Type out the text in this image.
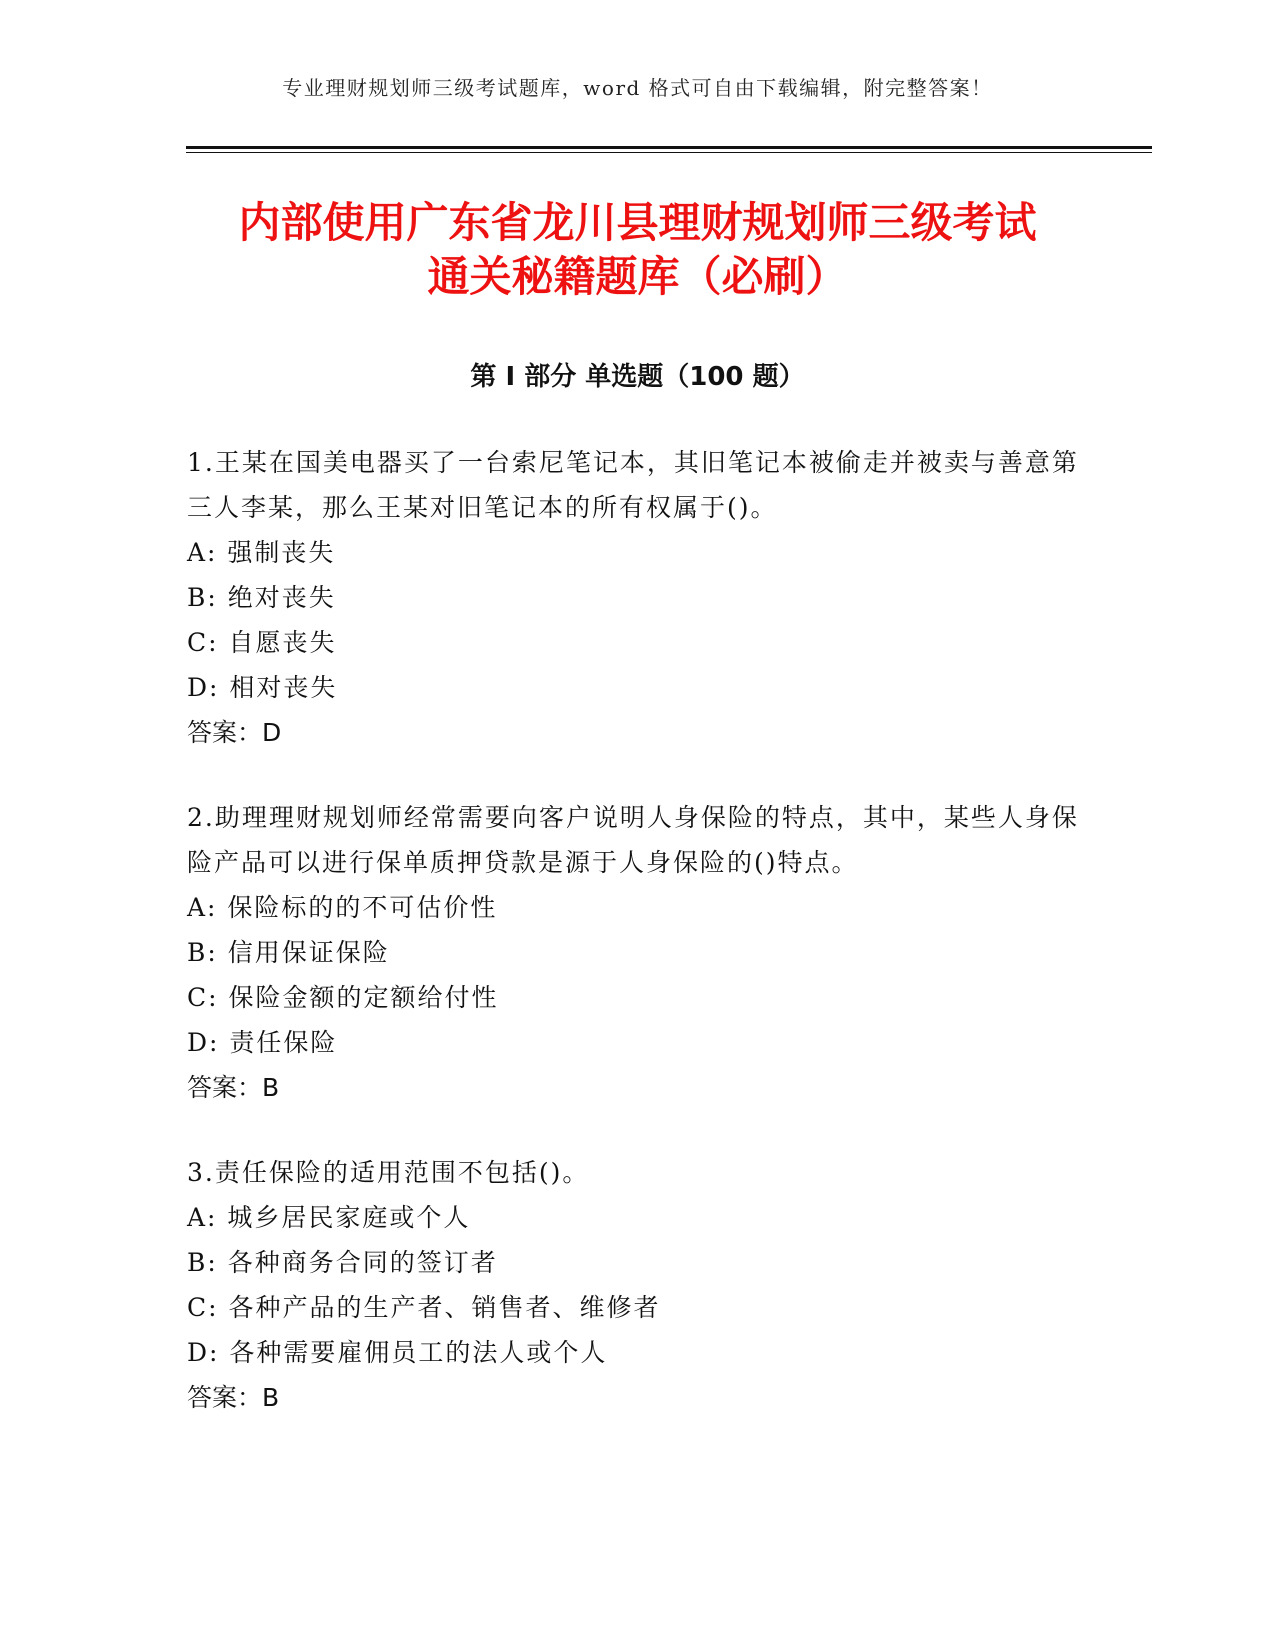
专业理财规划师三级考试题库，word 格式可自由下载编辑，附完整答案！
内部使用广东省龙川县理财规划师三级考试
通关秘籍题库（必刷）
第 I 部分 单选题（100 题）
1.王某在国美电器买了一台索尼笔记本，其旧笔记本被偷走并被卖与善意第三人李某，那么王某对旧笔记本的所有权属于()。
A: 强制丧失
B: 绝对丧失
C: 自愿丧失
D: 相对丧失
答案：D
2.助理理财规划师经常需要向客户说明人身保险的特点，其中，某些人身保险产品可以进行保单质押贷款是源于人身保险的()特点。
A: 保险标的的不可估价性
B: 信用保证保险
C: 保险金额的定额给付性
D: 责任保险
答案：B
3.责任保险的适用范围不包括()。
A: 城乡居民家庭或个人
B: 各种商务合同的签订者
C: 各种产品的生产者、销售者、维修者
D: 各种需要雇佣员工的法人或个人
答案：B
